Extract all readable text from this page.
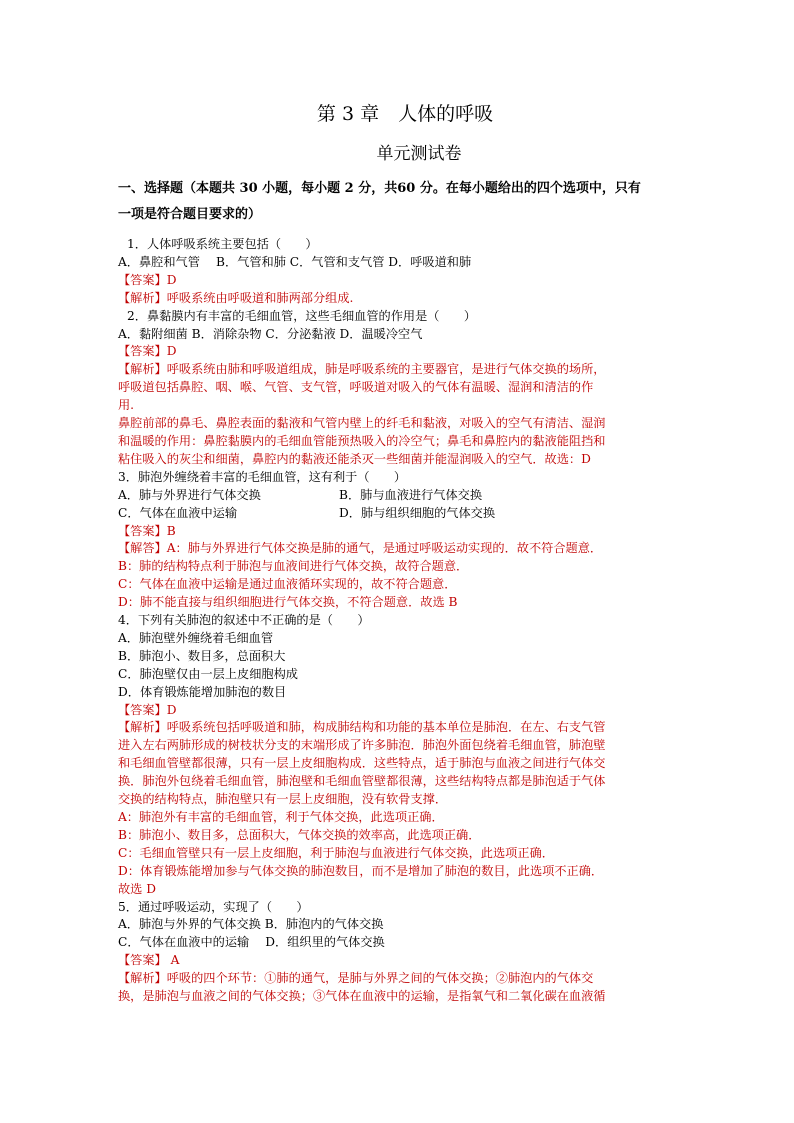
第 3 章　人体的呼吸
单元测试卷
一、选择题（本题共 30 小题，每小题 2 分，共60 分。在每小题给出的四个选项中，只有
一项是符合题目要求的）
1．人体呼吸系统主要包括（　　）
A．鼻腔和气管　 B．气管和肺 C．气管和支气管 D．呼吸道和肺
【答案】D
【解析】呼吸系统由呼吸道和肺两部分组成.
2．鼻黏膜内有丰富的毛细血管，这些毛细血管的作用是（　　）
A．黏附细菌 B．消除杂物 C．分泌黏液 D．温暖冷空气
【答案】D
【解析】呼吸系统由肺和呼吸道组成，肺是呼吸系统的主要器官，是进行气体交换的场所，
呼吸道包括鼻腔、咽、喉、气管、支气管，呼吸道对吸入的气体有温暖、湿润和清洁的作
用.
鼻腔前部的鼻毛、鼻腔表面的黏液和气管内壁上的纤毛和黏液，对吸入的空气有清洁、湿润
和温暖的作用：鼻腔黏膜内的毛细血管能预热吸入的冷空气；鼻毛和鼻腔内的黏液能阻挡和
粘住吸入的灰尘和细菌，鼻腔内的黏液还能杀灭一些细菌并能湿润吸入的空气．故选：D
3．肺泡外缠绕着丰富的毛细血管，这有利于（　　）
A．肺与外界进行气体交换	B．肺与血液进行气体交换
C．气体在血液中运输	D．肺与组织细胞的气体交换
【答案】B
【解答】A：肺与外界进行气体交换是肺的通气，是通过呼吸运动实现的．故不符合题意．
B：肺的结构特点利于肺泡与血液间进行气体交换，故符合题意．
C：气体在血液中运输是通过血液循环实现的，故不符合题意．
D：肺不能直接与组织细胞进行气体交换，不符合题意．故选 B
4．下列有关肺泡的叙述中不正确的是（　　）
A．肺泡壁外缠绕着毛细血管
B．肺泡小、数目多，总面积大
C．肺泡壁仅由一层上皮细胞构成
D．体育锻炼能增加肺泡的数目
【答案】D
【解析】呼吸系统包括呼吸道和肺，构成肺结构和功能的基本单位是肺泡．在左、右支气管
进入左右两肺形成的树枝状分支的末端形成了许多肺泡．肺泡外面包绕着毛细血管，肺泡壁
和毛细血管壁都很薄，只有一层上皮细胞构成．这些特点，适于肺泡与血液之间进行气体交
换．肺泡外包绕着毛细血管，肺泡壁和毛细血管壁都很薄，这些结构特点都是肺泡适于气体
交换的结构特点，肺泡壁只有一层上皮细胞，没有软骨支撑．
A：肺泡外有丰富的毛细血管，利于气体交换，此选项正确．
B：肺泡小、数目多，总面积大，气体交换的效率高，此选项正确．
C：毛细血管壁只有一层上皮细胞，利于肺泡与血液进行气体交换，此选项正确．
D：体育锻炼能增加参与气体交换的肺泡数目，而不是增加了肺泡的数目，此选项不正确．
故选 D
5．通过呼吸运动，实现了（　　）
A．肺泡与外界的气体交换 B．肺泡内的气体交换
C．气体在血液中的运输　 D．组织里的气体交换
【答案】 A
【解析】呼吸的四个环节：①肺的通气，是肺与外界之间的气体交换；②肺泡内的气体交
换，是肺泡与血液之间的气体交换；③气体在血液中的运输，是指氧气和二氧化碳在血液循
